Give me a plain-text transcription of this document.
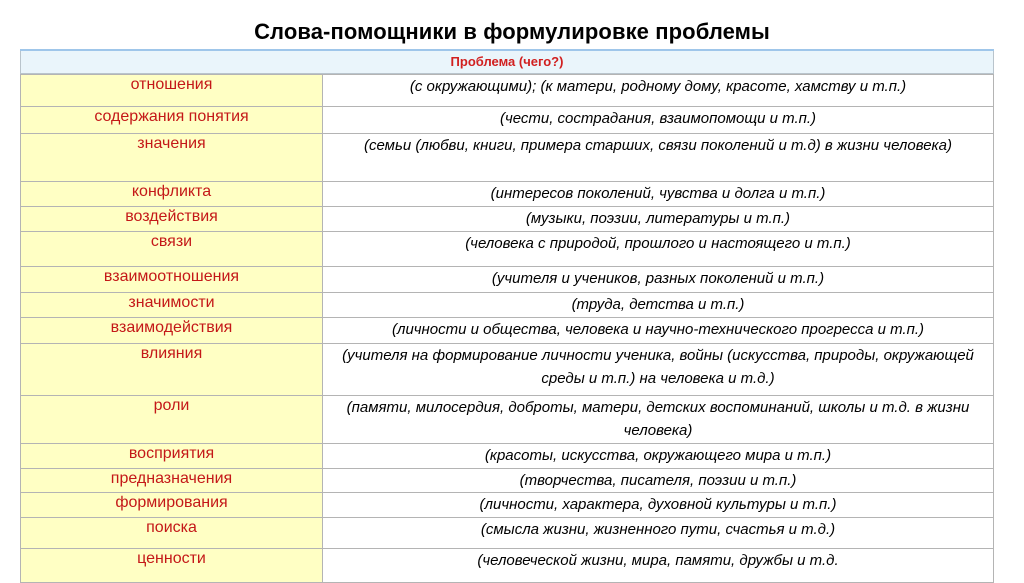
Слова-помощники в формулировке проблемы
Проблема (чего?)
отношения	(с окружающими); (к матери, родному дому, красоте, хамству и т.п.)
содержания понятия	(чести, сострадания, взаимопомощи и т.п.)
значения	(семьи (любви, книги, примера старших, связи поколений и т.д) в жизни человека)
конфликта	(интересов поколений, чувства и долга и т.п.)
воздействия	(музыки, поэзии, литературы и т.п.)
связи	(человека с природой, прошлого и настоящего и т.п.)
взаимоотношения	(учителя и учеников, разных поколений и т.п.)
значимости	(труда, детства и т.п.)
взаимодействия	(личности и общества, человека и научно-технического прогресса и т.п.)
влияния	(учителя на формирование личности ученика, войны (искусства, природы, окружающей среды и т.п.) на человека и т.д.)
роли	(памяти, милосердия, доброты, матери, детских воспоминаний, школы и т.д. в жизни человека)
восприятия	(красоты, искусства, окружающего мира и т.п.)
предназначения	(творчества, писателя, поэзии и т.п.)
формирования	(личности, характера, духовной культуры и т.п.)
поиска	(смысла жизни, жизненного пути, счастья и т.д.)
ценности	(человеческой жизни, мира, памяти, дружбы и т.д.
